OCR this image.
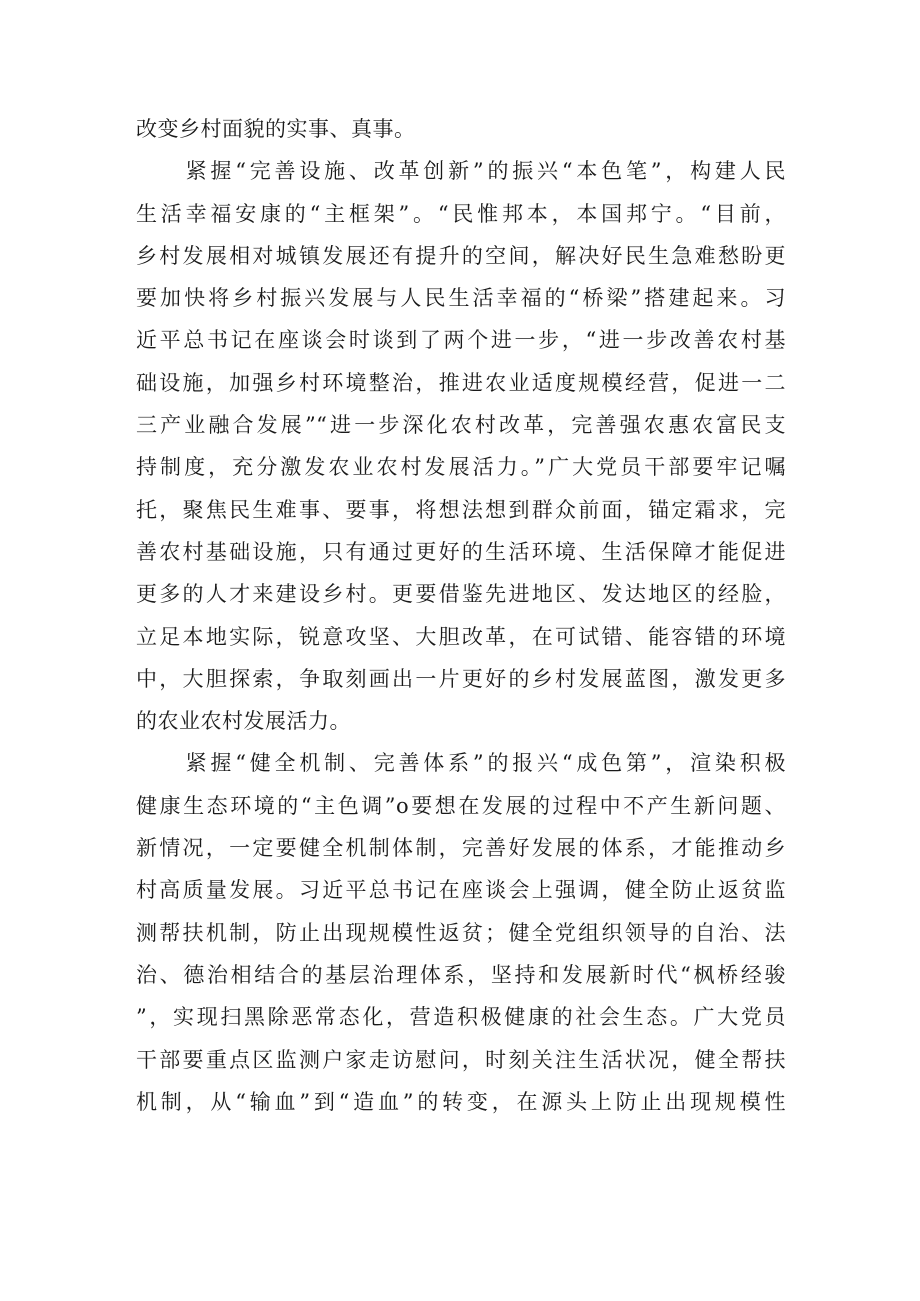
改变乡村面貌的实事、真事。
　　紧握“完善设施、改革创新”的振兴“本色笔”，构建人民
生活幸福安康的“主框架”。“民惟邦本，本国邦宁。“目前，
乡村发展相对城镇发展还有提升的空间，解决好民生急难愁盼更
要加快将乡村振兴发展与人民生活幸福的“桥梁”搭建起来。习
近平总书记在座谈会时谈到了两个进一步，“进一步改善农村基
础设施，加强乡村环境整治，推进农业适度规模经营，促进一二
三产业融合发展”“进一步深化农村改革，完善强农惠农富民支
持制度，充分激发农业农村发展活力。”广大党员干部要牢记嘱
托，聚焦民生难事、要事，将想法想到群众前面，锚定霜求，完
善农村基础设施，只有通过更好的生活环境、生活保障才能促进
更多的人才来建设乡村。更要借鉴先进地区、发达地区的经脸，
立足本地实际，锐意攻坚、大胆改革，在可试错、能容错的环境
中，大胆探索，争取刻画出一片更好的乡村发展蓝图，激发更多
的农业农村发展活力。
　　紧握“健全机制、完善体系”的报兴“成色第”，渲染积极
健康生态环境的“主色调”o要想在发展的过程中不产生新问题、
新情况，一定要健全机制体制，完善好发展的体系，才能推动乡
村高质量发展。习近平总书记在座谈会上强调，健全防止返贫监
测帮扶机制，防止出现规模性返贫；健全党组织领导的自治、法
治、德治相结合的基层治理体系，坚持和发展新时代“枫桥经骏
”，实现扫黑除恶常态化，营造积极健康的社会生态。广大党员
干部要重点区监测户家走访慰问，时刻关注生活状况，健全帮扶
机制，从“输血”到“造血”的转变，在源头上防止出现规模性
